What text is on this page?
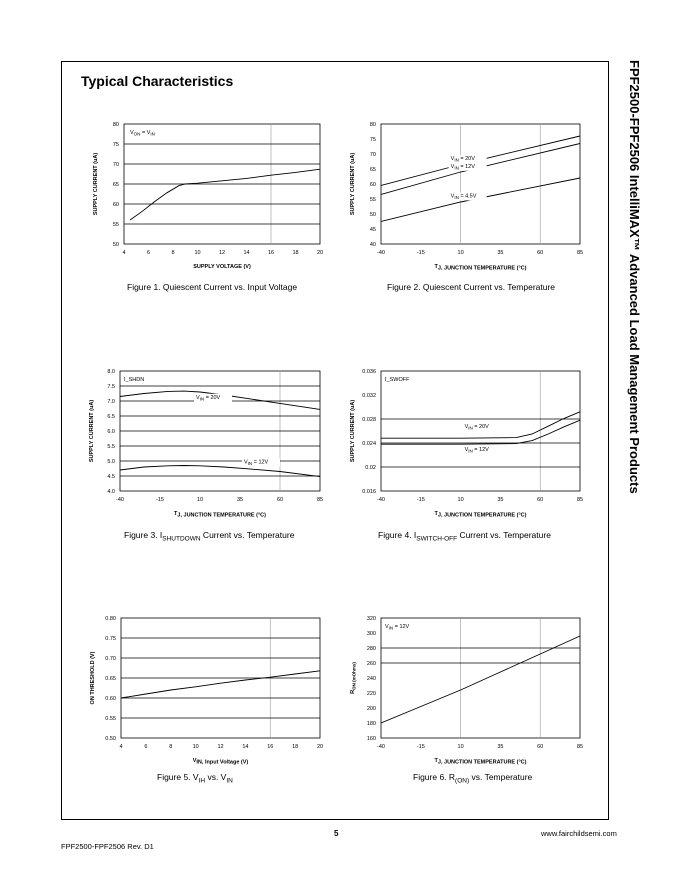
Typical Characteristics	FPF2500-FPF2506 IntelliMAX™ Advanced Load Management Products
4	6	8	10	12	14	16	18	20
50
55
60
65
70
75
80
SUPPLY VOLTAGE (V)
SUPPLY CURRENT (uA)
$V_{ON} = V_{IN}$
-40	-15	10	35	60	85
40
45
50
55
60
65
70
75
80
TJ, JUNCTION TEMPERATURE (°C)
SUPPLY CURRENT (uA)	$V_{IN} = 20V$
$V_{IN} = 12V$
$V_{IN} = 4.5V$
-40	-15	10	35	60	85
4.0
4.5
5.0
5.5
6.0
6.5
7.0
7.5
8.0
TJ, JUNCTION TEMPERATURE (°C)
SUPPLY CURRENT (uA)
I_SHDN
$V_{IN} = 20V$
$V_{IN} = 12V$
-40	-15	10	35	60	85
0.016
0.02
0.024
0.028
0.032
0.036
TJ, JUNCTION TEMPERATURE (°C)
SUPPLY CURRENT (uA)
I_SWOFF
$V_{IN} = 20V$
$V_{IN} = 12V$
4	6	8	10	12	14	16	18	20
0.50
0.55
0.60
0.65
0.70
0.75
0.80
VIN, Input Voltage (V)
ON THRESHOLD (V)
-40	-15	10	35	60	85
160
180
200
220
240
260
280
300
320
TJ, JUNCTION TEMPERATURE (°C)
$R_{ON (mOhms)}$
$V_{IN} = 12V$
Figure 1. Quiescent Current vs. Input Voltage	Figure 2. Quiescent Current vs. Temperature
Figure 3. $I_{SHUTDOWN}$ Current vs. Temperature	Figure 4. $I_{SWITCH-OFF}$ Current vs. Temperature
Figure 5. $V_{IH}$ vs. $V_{IN}$	Figure 6. $R_{(ON)}$ vs. Temperature
5	www.fairchildsemi.com
FPF2500-FPF2506 Rev. D1
